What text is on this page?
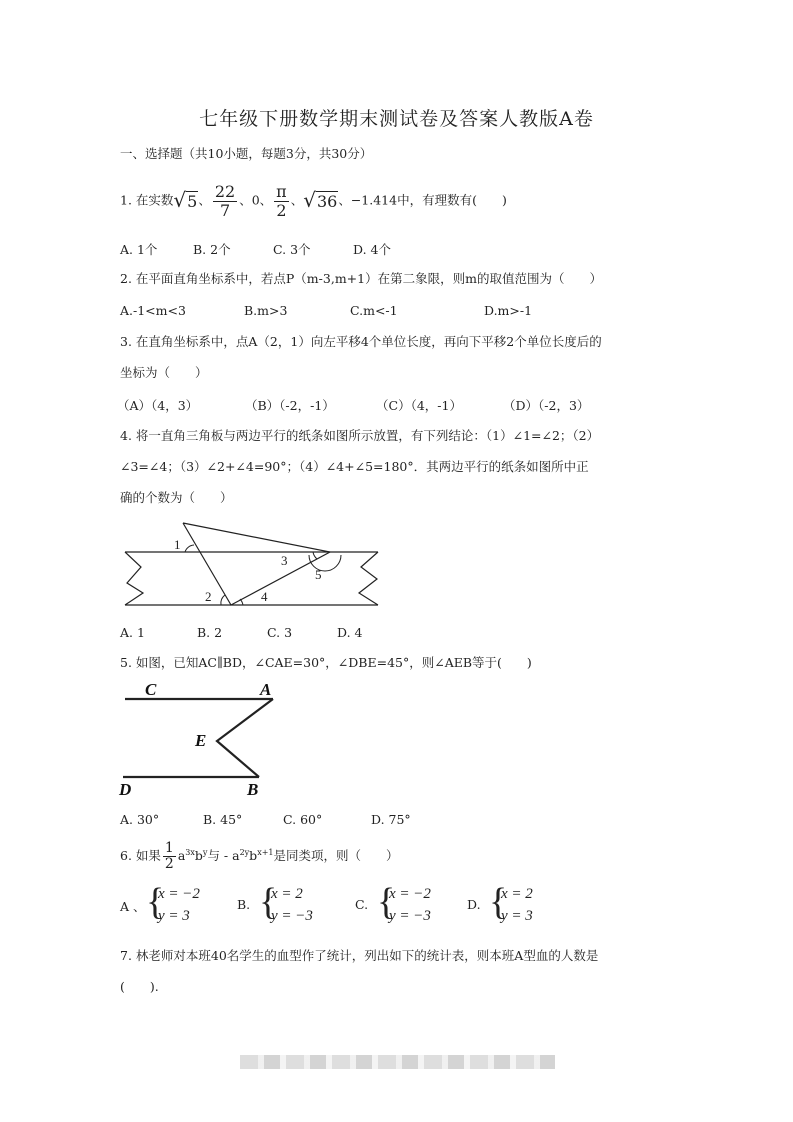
七年级下册数学期末测试卷及答案人教版A卷
一、选择题（共10小题，每题3分，共30分）
1. 在实数√5、 $\frac{22}{7}$ 、0、 $\frac{\pi}{2}$ 、√36、−1.414中，有理数有(　　)
A. 1个	B. 2个	C. 3个	D. 4个
2. 在平面直角坐标系中，若点P（m-3,m+1）在第二象限，则m的取值范围为（　　）
A.-1<m<3	B.m>3	C.m<-1	D.m>-1
3. 在直角坐标系中，点A（2，1）向左平移4个单位长度，再向下平移2个单位长度后的
坐标为（　　）
（A）（4，3）	（B）（-2，-1）	（C）（4，-1）	（D）（-2，3）
4. 将一直角三角板与两边平行的纸条如图所示放置，有下列结论：（1）∠1=∠2；（2）
∠3=∠4；（3）∠2+∠4=90°；（4）∠4+∠5=180°．其两边平行的纸条如图所中正
确的个数为（　　）
1
2
3
4
5
A. 1	B. 2	C. 3	D. 4
5. 如图，已知AC∥BD，∠CAE=30°，∠DBE=45°，则∠AEB等于(　　)
C	A
E
D	B
A. 30°	B. 45°	C. 60°	D. 75°
6. 如果 $\frac{1}{2} a^{3x}b^y$与 - $a^{2y}b^{x+1}$是同类项，则（　　）
A 、 {
x = −2
y = 3
B. {
x = 2
y = −3
C. {
x = −2
y = −3
D. {
x = 2
y = 3
7. 林老师对本班40名学生的血型作了统计，列出如下的统计表，则本班A型血的人数是
(　　).
